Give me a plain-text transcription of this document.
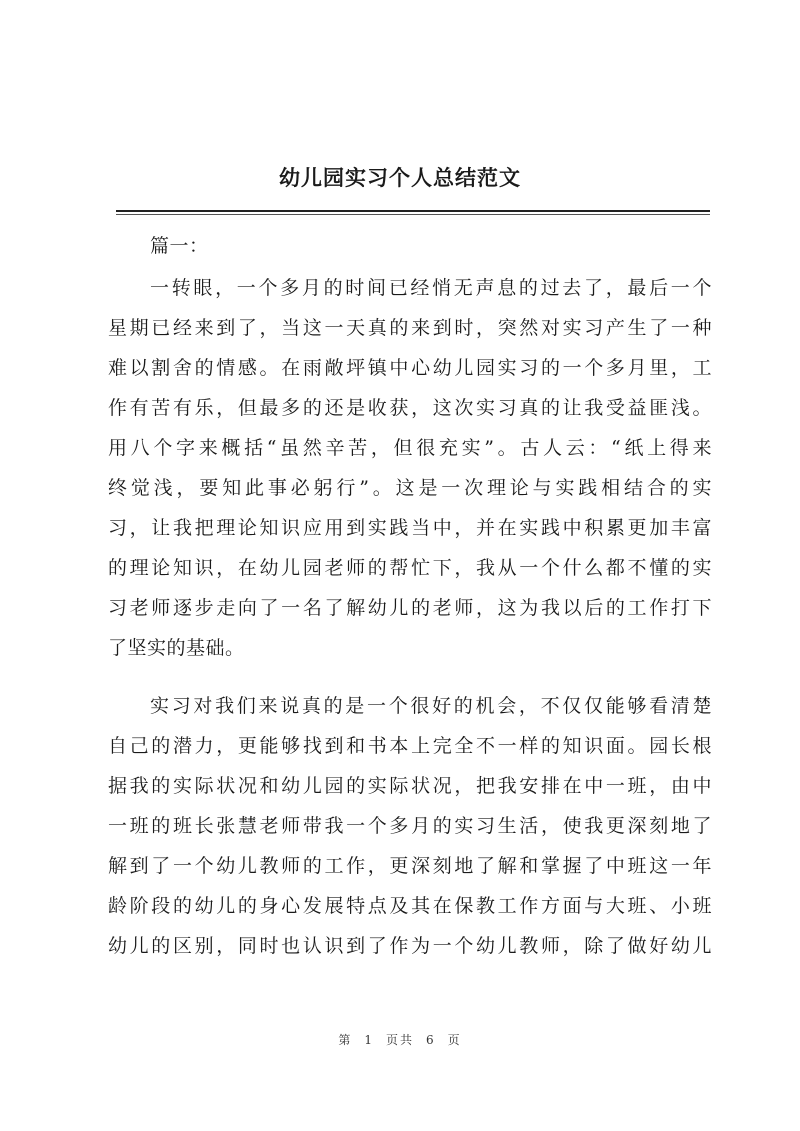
幼儿园实习个人总结范文
篇一：
一转眼，一个多月的时间已经悄无声息的过去了，最后一个
星期已经来到了，当这一天真的来到时，突然对实习产生了一种
难以割舍的情感。在雨敞坪镇中心幼儿园实习的一个多月里，工
作有苦有乐，但最多的还是收获，这次实习真的让我受益匪浅。
用八个字来概括“虽然辛苦，但很充实”。古人云：“纸上得来
终觉浅，要知此事必躬行”。这是一次理论与实践相结合的实
习，让我把理论知识应用到实践当中，并在实践中积累更加丰富
的理论知识，在幼儿园老师的帮忙下，我从一个什么都不懂的实
习老师逐步走向了一名了解幼儿的老师，这为我以后的工作打下
了坚实的基础。
实习对我们来说真的是一个很好的机会，不仅仅能够看清楚
自己的潜力，更能够找到和书本上完全不一样的知识面。园长根
据我的实际状况和幼儿园的实际状况，把我安排在中一班，由中
一班的班长张慧老师带我一个多月的实习生活，使我更深刻地了
解到了一个幼儿教师的工作，更深刻地了解和掌握了中班这一年
龄阶段的幼儿的身心发展特点及其在保教工作方面与大班、小班
幼儿的区别，同时也认识到了作为一个幼儿教师，除了做好幼儿
第 1 页共 6 页
